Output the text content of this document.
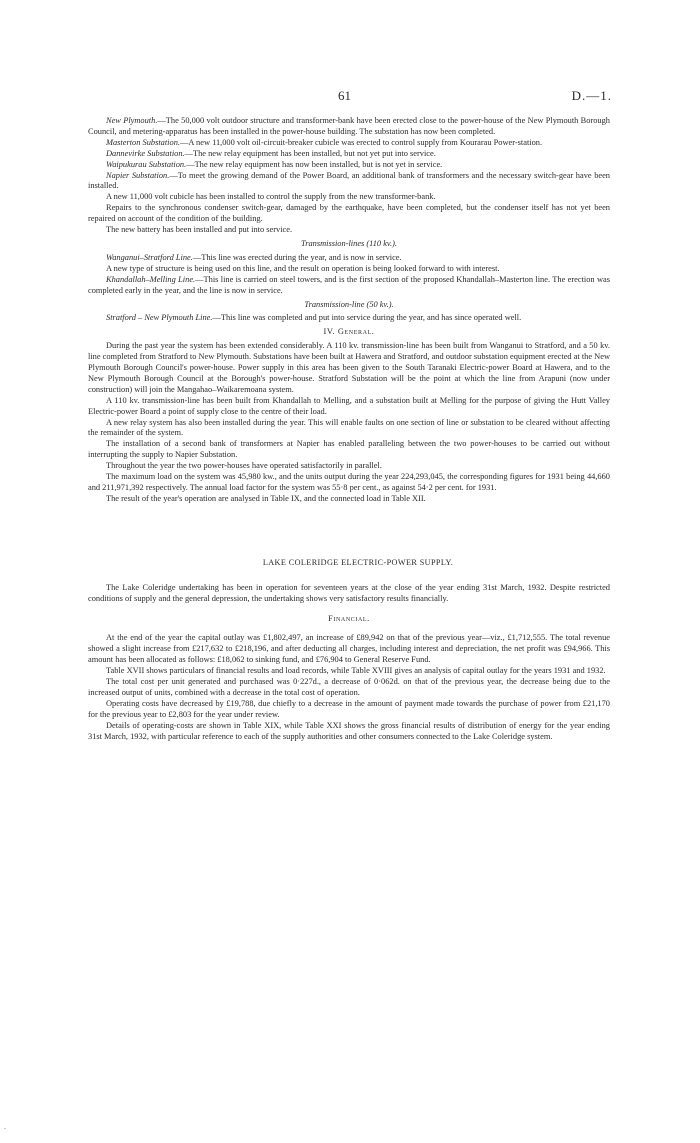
61	D.—1.

New Plymouth.—The 50,000 volt outdoor structure and transformer-bank have been erected close to the power-house of the New Plymouth Borough Council, and metering-apparatus has been installed in the power-house building. The substation has now been completed.

Masterton Substation.—A new 11,000 volt oil-circuit-breaker cubicle was erected to control supply from Kourarau Power-station.

Dannevirke Substation.—The new relay equipment has been installed, but not yet put into service.

Waipukurau Substation.—The new relay equipment has now been installed, but is not yet in service.

Napier Substation.—To meet the growing demand of the Power Board, an additional bank of transformers and the necessary switch-gear have been installed.

A new 11,000 volt cubicle has been installed to control the supply from the new transformer-bank.

Repairs to the synchronous condenser switch-gear, damaged by the earthquake, have been completed, but the condenser itself has not yet been repaired on account of the condition of the building.

The new battery has been installed and put into service.

Transmission-lines (110 kv.).

Wanganui–Stratford Line.—This line was erected during the year, and is now in service.

A new type of structure is being used on this line, and the result on operation is being looked forward to with interest.

Khandallah–Melling Line.—This line is carried on steel towers, and is the first section of the proposed Khandallah–Masterton line. The erection was completed early in the year, and the line is now in service.

Transmission-line (50 kv.).

Stratford – New Plymouth Line.—This line was completed and put into service during the year, and has since operated well.

IV. General.

During the past year the system has been extended considerably. A 110 kv. transmission-line has been built from Wanganui to Stratford, and a 50 kv. line completed from Stratford to New Plymouth. Substations have been built at Hawera and Stratford, and outdoor substation equipment erected at the New Plymouth Borough Council's power-house. Power supply in this area has been given to the South Taranaki Electric-power Board at Hawera, and to the New Plymouth Borough Council at the Borough's power-house. Stratford Substation will be the point at which the line from Arapuni (now under construction) will join the Mangahao–Waikaremoana system.

A 110 kv. transmission-line has been built from Khandallah to Melling, and a substation built at Melling for the purpose of giving the Hutt Valley Electric-power Board a point of supply close to the centre of their load.

A new relay system has also been installed during the year. This will enable faults on one section of line or substation to be cleared without affecting the remainder of the system.

The installation of a second bank of transformers at Napier has enabled paralleling between the two power-houses to be carried out without interrupting the supply to Napier Substation.

Throughout the year the two power-houses have operated satisfactorily in parallel.

The maximum load on the system was 45,980 kw., and the units output during the year 224,293,045, the corresponding figures for 1931 being 44,660 and 211,971,392 respectively. The annual load factor for the system was 55·8 per cent., as against 54·2 per cent. for 1931.

The result of the year's operation are analysed in Table IX, and the connected load in Table XII.

LAKE COLERIDGE ELECTRIC-POWER SUPPLY.

The Lake Coleridge undertaking has been in operation for seventeen years at the close of the year ending 31st March, 1932. Despite restricted conditions of supply and the general depression, the undertaking shows very satisfactory results financially.

Financial.

At the end of the year the capital outlay was £1,802,497, an increase of £89,942 on that of the previous year—viz., £1,712,555. The total revenue showed a slight increase from £217,632 to £218,196, and after deducting all charges, including interest and depreciation, the net profit was £94,966. This amount has been allocated as follows: £18,062 to sinking fund, and £76,904 to General Reserve Fund.

Table XVII shows particulars of financial results and load records, while Table XVIII gives an analysis of capital outlay for the years 1931 and 1932.

The total cost per unit generated and purchased was 0·227d., a decrease of 0·062d. on that of the previous year, the decrease being due to the increased output of units, combined with a decrease in the total cost of operation.

Operating costs have decreased by £19,788, due chiefly to a decrease in the amount of payment made towards the purchase of power from £21,170 for the previous year to £2,803 for the year under review.

Details of operating-costs are shown in Table XIX, while Table XXI shows the gross financial results of distribution of energy for the year ending 31st March, 1932, with particular reference to each of the supply authorities and other consumers connected to the Lake Coleridge system.

.
